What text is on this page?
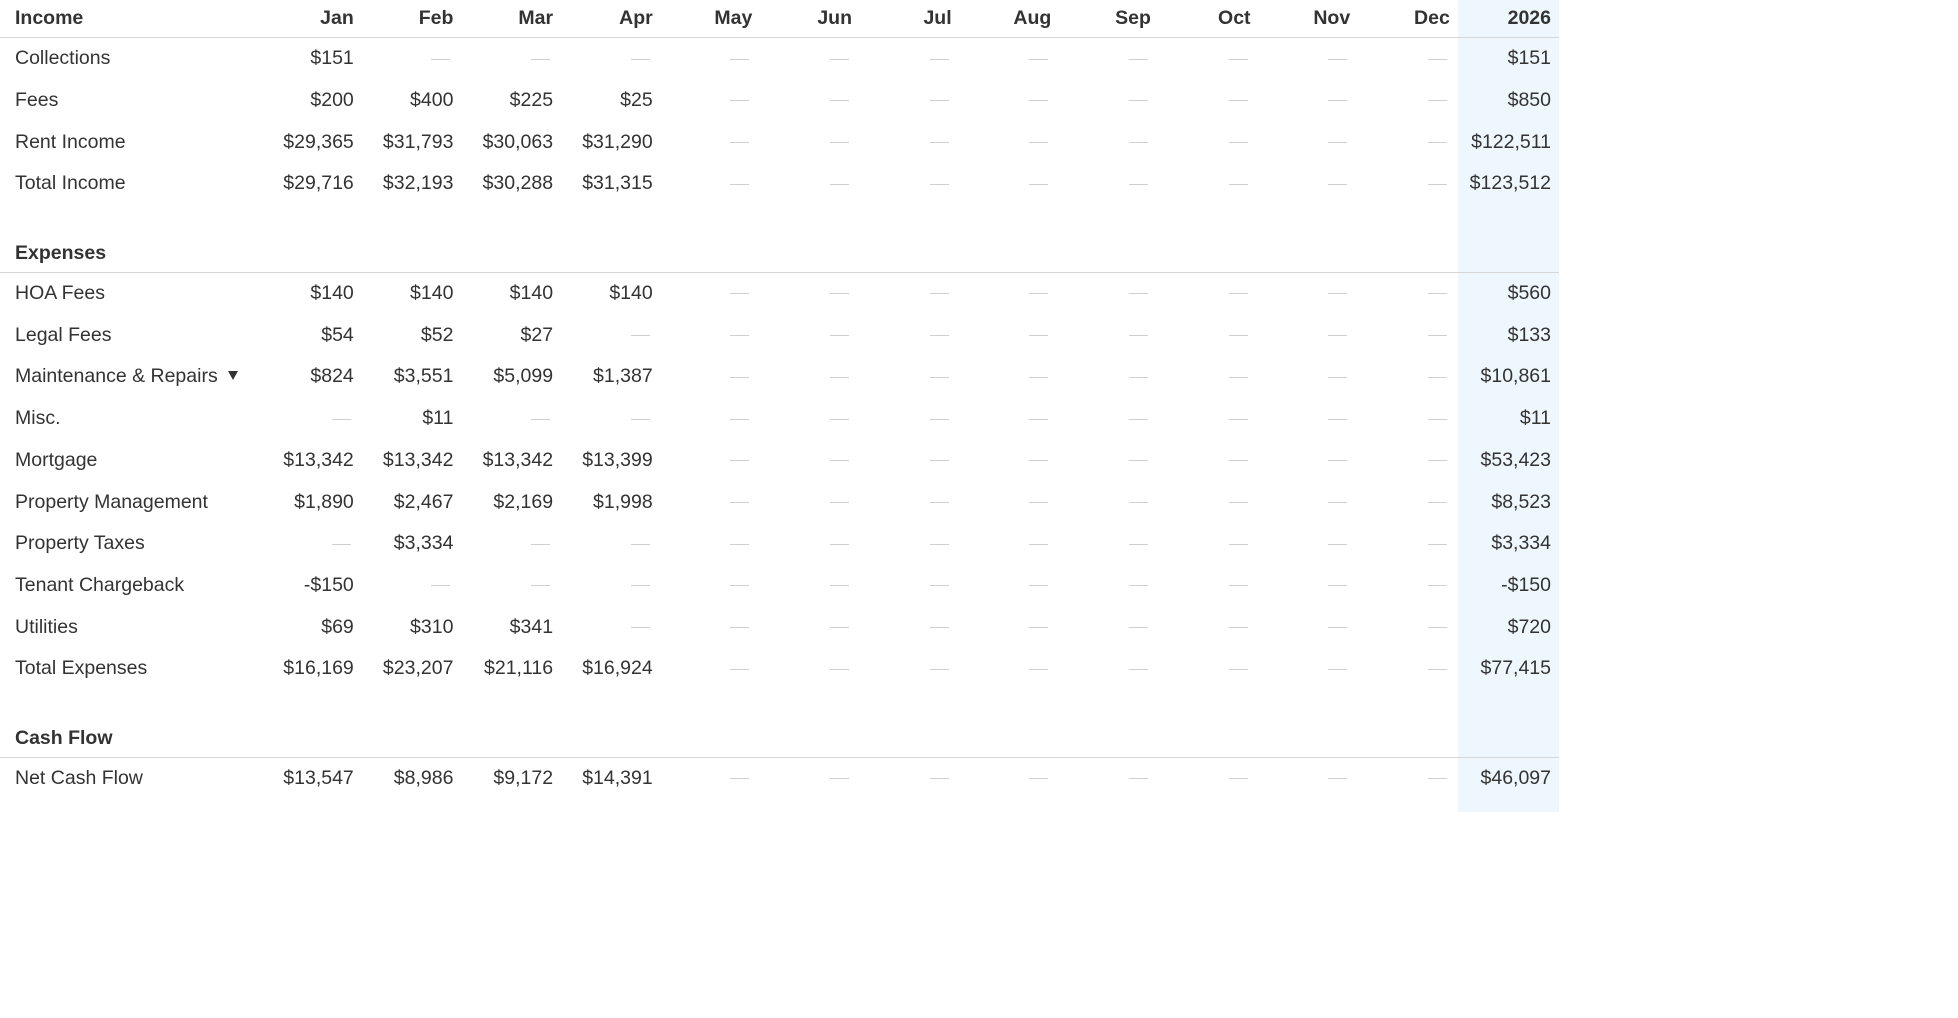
Income	Jan	Feb	Mar	Apr	May	Jun	Jul	Aug	Sep	Oct	Nov	Dec	2026
Collections	$151												$151
Fees	$200	$400	$225	$25									$850
Rent Income	$29,365	$31,793	$30,063	$31,290									$122,511
Total Income	$29,716	$32,193	$30,288	$31,315									$123,512

Expenses													
HOA Fees	$140	$140	$140	$140									$560
Legal Fees	$54	$52	$27										$133
Maintenance & Repairs	$824	$3,551	$5,099	$1,387									$10,861
Misc.		$11											$11
Mortgage	$13,342	$13,342	$13,342	$13,399									$53,423
Property Management	$1,890	$2,467	$2,169	$1,998									$8,523
Property Taxes		$3,334											$3,334
Tenant Chargeback	-$150												-$150
Utilities	$69	$310	$341										$720
Total Expenses	$16,169	$23,207	$21,116	$16,924									$77,415

Cash Flow													
Net Cash Flow	$13,547	$8,986	$9,172	$14,391									$46,097
